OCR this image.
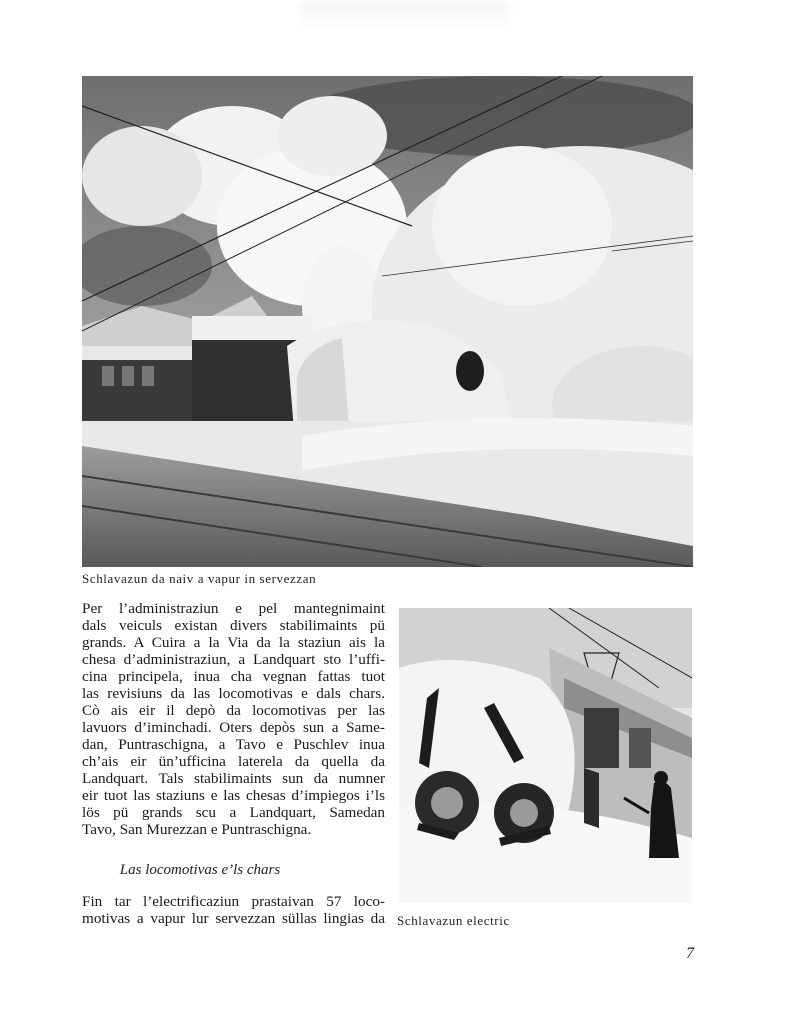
Schlavazun da naiv a vapur in servezzan

Per l’administraziun e pel mantegnimaint
dals veiculs existan divers stabilimaints pü
grands. A Cuira a la Via da la staziun ais la
chesa d’administraziun, a Landquart sto l’uffi-
cina principela, inua cha vegnan fattas tuot
las revisiuns da las locomotivas e dals chars.
Cò ais eir il depò da locomotivas per las
lavuors d’iminchadi. Oters depòs sun a Same-
dan, Puntraschigna, a Tavo e Puschlev inua
ch’ais eir ün’ufficina laterela da quella da
Landquart. Tals stabilimaints sun da numner
eir tuot las staziuns e las chesas d’impiegos i’ls
lös pü grands scu a Landquart, Samedan
Tavo, San Murezzan e Puntraschigna.

Schlavazun electric

Las locomotivas e’ls chars

Fin tar l’electrificaziun prastaivan 57 loco-
motivas a vapur lur servezzan süllas lingias da

7
